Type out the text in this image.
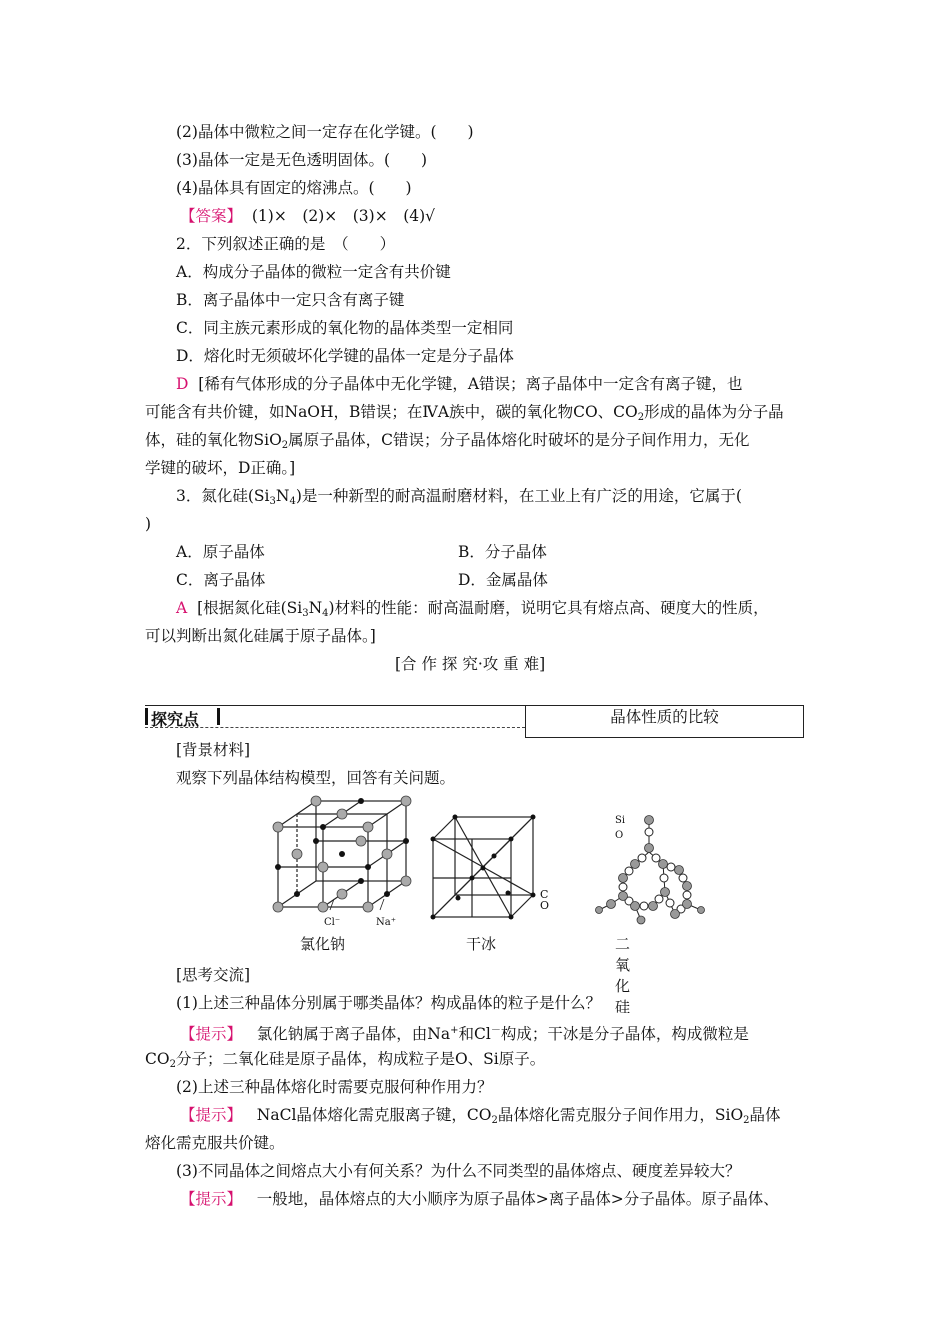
(2)晶体中微粒之间一定存在化学键。(　　)
(3)晶体一定是无色透明固体。(　　)
(4)晶体具有固定的熔沸点。(　　)
【答案】 (1)×　(2)×　(3)×　(4)√
2．下列叙述正确的是　（　　）
A．构成分子晶体的微粒一定含有共价键
B．离子晶体中一定只含有离子键
C．同主族元素形成的氧化物的晶体类型一定相同
D．熔化时无须破坏化学键的晶体一定是分子晶体
D [稀有气体形成的分子晶体中无化学键，A错误；离子晶体中一定含有离子键，也
可能含有共价键，如NaOH，B错误；在ⅣA族中，碳的氧化物CO、$CO_2$形成的晶体为分子晶
体，硅的氧化物SiO$_2$属原子晶体，C错误；分子晶体熔化时破坏的是分子间作用力，无化
学键的破坏，D正确。]
3．氮化硅$(Si_3N_4)$是一种新型的耐高温耐磨材料，在工业上有广泛的用途，它属于(
)
A．原子晶体	B．分子晶体
C．离子晶体	D．金属晶体
A [根据氮化硅$(Si_3N_4)$材料的性能：耐高温耐磨，说明它具有熔点高、硬度大的性质，
可以判断出氮化硅属于原子晶体。]
[合 作 探 究·攻 重 难]
探究点	晶体性质的比较
[背景材料]
观察下列晶体结构模型，回答有关问题。
Cl⁻	Na⁺
C
O
Si
O
氯化钠	干冰	二氧化硅
[思考交流]
(1)上述三种晶体分别属于哪类晶体？构成晶体的粒子是什么？
【提示】 氯化钠属于离子晶体，由Na+和Cl－构成；干冰是分子晶体，构成微粒是
$CO_2$分子；二氧化硅是原子晶体，构成粒子是O、Si原子。
(2)上述三种晶体熔化时需要克服何种作用力？
【提示】 NaCl晶体熔化需克服离子键，$CO_2$晶体熔化需克服分子间作用力，SiO$_2$晶体
熔化需克服共价键。
(3)不同晶体之间熔点大小有何关系？为什么不同类型的晶体熔点、硬度差异较大？
【提示】 一般地，晶体熔点的大小顺序为原子晶体>离子晶体>分子晶体。原子晶体、
